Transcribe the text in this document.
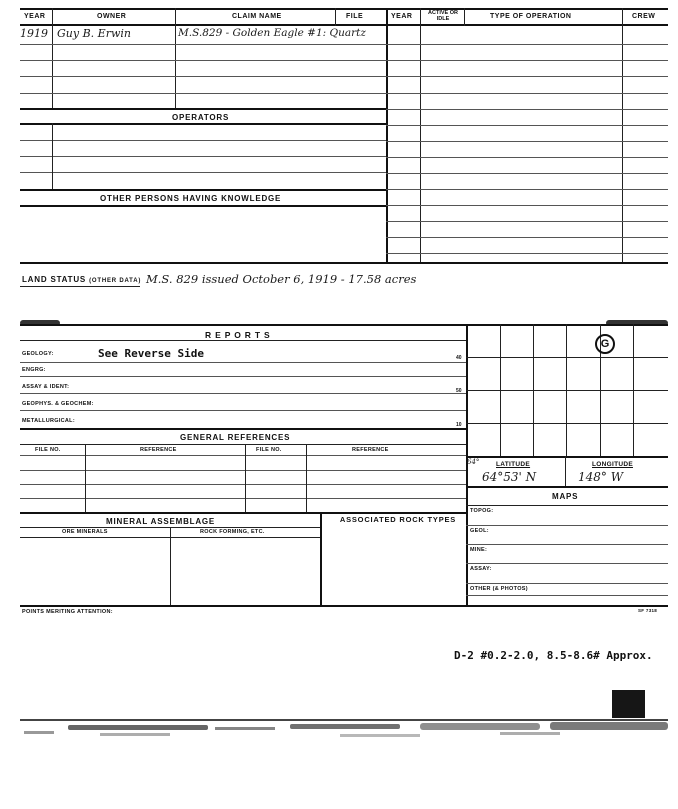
YEAR	OWNER	CLAIM NAME	FILE	YEAR	ACTIVE OR IDLE	TYPE OF OPERATION	CREW
1919 Guy B. Erwin	M.S.829 - Golden Eagle #1: Quartz
OPERATORS
OTHER PERSONS HAVING KNOWLEDGE
LAND STATUS (OTHER DATA) M.S. 829 issued October 6, 1919 - 17.58 acres
R E P O R T S
GEOLOGY:	See Reverse Side	40
ENGRG:
ASSAY & IDENT:
50
GEOPHYS. & GEOCHEM:
METALLURGICAL:
10
GENERAL REFERENCES
FILE NO.	REFERENCE	FILE NO.	REFERENCE
MINERAL ASSEMBLAGE
ORE MINERALS	ROCK FORMING, ETC.
ASSOCIATED ROCK TYPES
G
64°	LATITUDE	LONGITUDE
64°53' N	148° W
MAPS
TOPOG:
GEOL:
MINE:
ASSAY:
OTHER (& PHOTOS)
POINTS MERITING ATTENTION:	SF 7318
D-2 #0.2-2.0, 8.5-8.6# Approx.
